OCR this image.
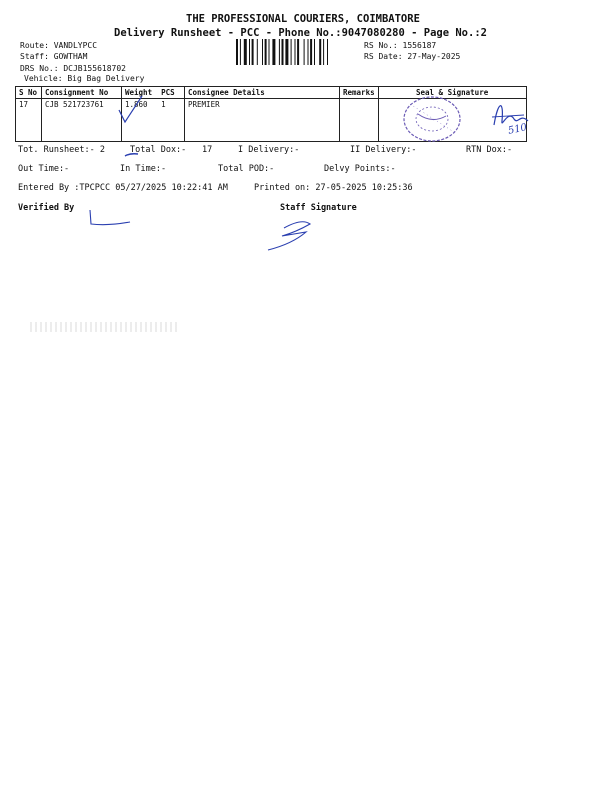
THE PROFESSIONAL COURIERS, COIMBATORE
Delivery Runsheet - PCC - Phone No.:9047080280 - Page No.:2
Route: VANDLYPCC
Staff: GOWTHAM
DRS No.: DCJB155618702
Vehicle: Big Bag Delivery
RS No.: 1556187
RS Date: 27-May-2025
S No	Consignment No	Weight PCS	Consignee Details	Remarks	Seal & Signature
17	CJB 521723761	1.860 1	PREMIER		
510
Tot. Runsheet:- 2	Total Dox:- 17	I Delivery:-	II Delivery:-	RTN Dox:-
Out Time:-	In Time:-	Total POD:-	Delvy Points:-
Entered By :TPCPCC 05/27/2025 10:22:41 AM	Printed on: 27-05-2025 10:25:36
Verified By	Staff Signature
